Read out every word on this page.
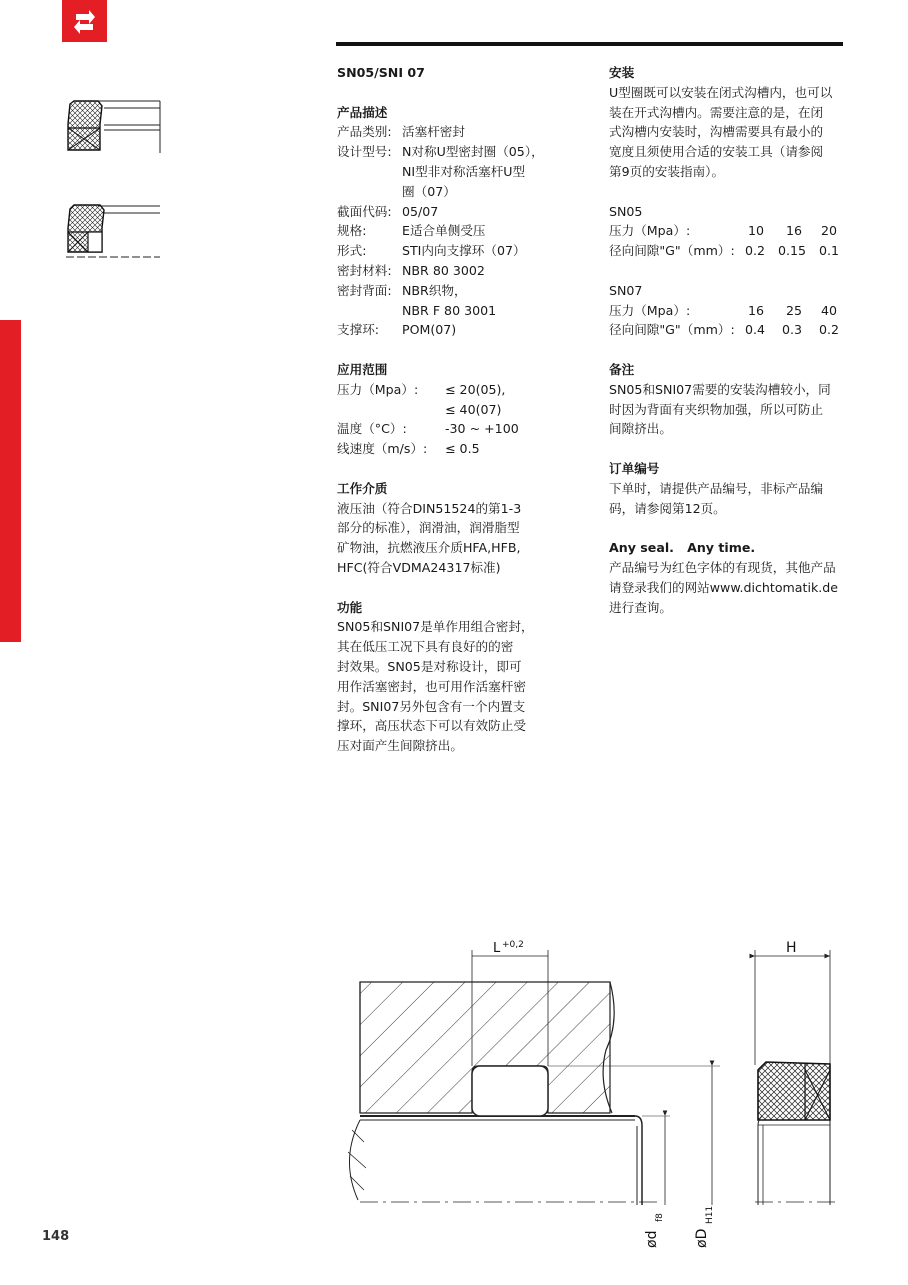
SN05/SNI 07
产品描述
产品类别: 活塞杆密封
设计型号: N对称U型密封圈（05），
NI型非对称活塞杆U型
圈（07）
截面代码: 05/07
规格:	E适合单侧受压
形式:	STI内向支撑环（07）
密封材料: NBR 80 3002
密封背面: NBR织物，
NBR F 80 3001
支撑环:	POM(07)
应用范围
压力（Mpa）:	≤ 20(05),
≤ 40(07)
温度（°C）:	-30 ~ +100
线速度（m/s）:	≤ 0.5
工作介质
液压油（符合DIN51524的第1-3
部分的标准），润滑油，润滑脂型
矿物油，抗燃液压介质HFA,HFB,
HFC(符合VDMA24317标准)
功能
SN05和SNI07是单作用组合密封，
其在低压工况下具有良好的的密
封效果。SN05是对称设计，即可
用作活塞密封，也可用作活塞杆密
封。SNI07另外包含有一个内置支
撑环，高压状态下可以有效防止受
压对面产生间隙挤出。
安装
U型圈既可以安装在闭式沟槽内，也可以
装在开式沟槽内。需要注意的是，在闭
式沟槽内安装时，沟槽需要具有最小的
宽度且须使用合适的安装工具（请参阅
第9页的安装指南）。
SN05
压力（Mpa）:	10	16	20
径向间隙"G"（mm）: 0.2	0.15	0.1
SN07
压力（Mpa）:	16	25	40
径向间隙"G"（mm）: 0.4	0.3	0.2
备注
SN05和SNI07需要的安装沟槽较小，同
时因为背面有夹织物加强，所以可防止
间隙挤出。
订单编号
下单时，请提供产品编号，非标产品编
码，请参阅第12页。
Any seal.   Any time.
产品编号为红色字体的有现货，其他产品
请登录我们的网站www.dichtomatik.de
进行查询。
L +0,2
ød
f8
øD
H11
H
148
